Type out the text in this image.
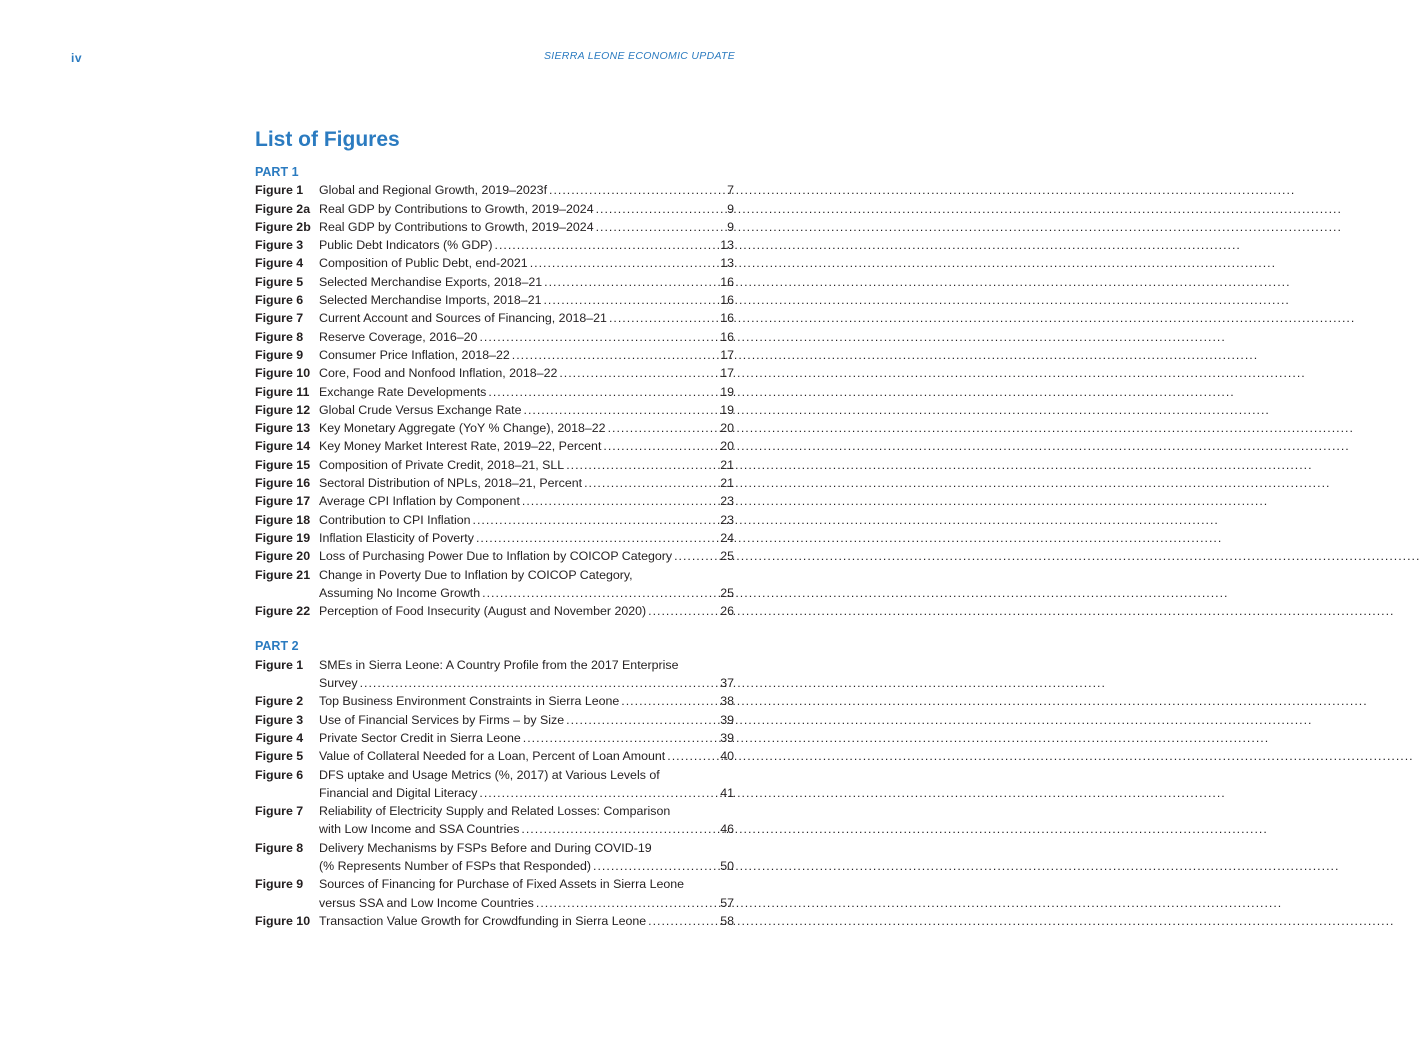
iv	SIERRA LEONE ECONOMIC UPDATE
List of Figures
PART 1
Figure 1	Global and Regional Growth, 2019–2023f .....	7
Figure 2a Real GDP by Contributions to Growth, 2019–2024 .....	9
Figure 2b Real GDP by Contributions to Growth, 2019–2024 .....	9
Figure 3	Public Debt Indicators (% GDP) .....	13
Figure 4	Composition of Public Debt, end-2021 .....	13
Figure 5	Selected Merchandise Exports, 2018–21 .....	16
Figure 6	Selected Merchandise Imports, 2018–21 .....	16
Figure 7	Current Account and Sources of Financing, 2018–21 .....	16
Figure 8	Reserve Coverage, 2016–20 .....	16
Figure 9	Consumer Price Inflation, 2018–22 .....	17
Figure 10 Core, Food and Nonfood Inflation, 2018–22 .....	17
Figure 11 Exchange Rate Developments .....	19
Figure 12 Global Crude Versus Exchange Rate .....	19
Figure 13 Key Monetary Aggregate (YoY % Change), 2018–22 .....	20
Figure 14 Key Money Market Interest Rate, 2019–22, Percent .....	20
Figure 15 Composition of Private Credit, 2018–21, SLL .....	21
Figure 16 Sectoral Distribution of NPLs, 2018–21, Percent .....	21
Figure 17 Average CPI Inflation by Component .....	23
Figure 18 Contribution to CPI Inflation .....	23
Figure 19 Inflation Elasticity of Poverty .....	24
Figure 20 Loss of Purchasing Power Due to Inflation by COICOP Category .....	25
Figure 21 Change in Poverty Due to Inflation by COICOP Category,
Assuming No Income Growth .....	25
Figure 22 Perception of Food Insecurity (August and November 2020) .....	26
PART 2
Figure 1	SMEs in Sierra Leone: A Country Profile from the 2017 Enterprise
Survey .....	37
Figure 2	Top Business Environment Constraints in Sierra Leone .....	38
Figure 3	Use of Financial Services by Firms – by Size .....	39
Figure 4	Private Sector Credit in Sierra Leone .....	39
Figure 5	Value of Collateral Needed for a Loan, Percent of Loan Amount .....	40
Figure 6	DFS uptake and Usage Metrics (%, 2017) at Various Levels of
Financial and Digital Literacy .....	41
Figure 7	Reliability of Electricity Supply and Related Losses: Comparison
with Low Income and SSA Countries .....	46
Figure 8	Delivery Mechanisms by FSPs Before and During COVID-19
(% Represents Number of FSPs that Responded) .....	50
Figure 9	Sources of Financing for Purchase of Fixed Assets in Sierra Leone
versus SSA and Low Income Countries .....	57
Figure 10 Transaction Value Growth for Crowdfunding in Sierra Leone .....	58
